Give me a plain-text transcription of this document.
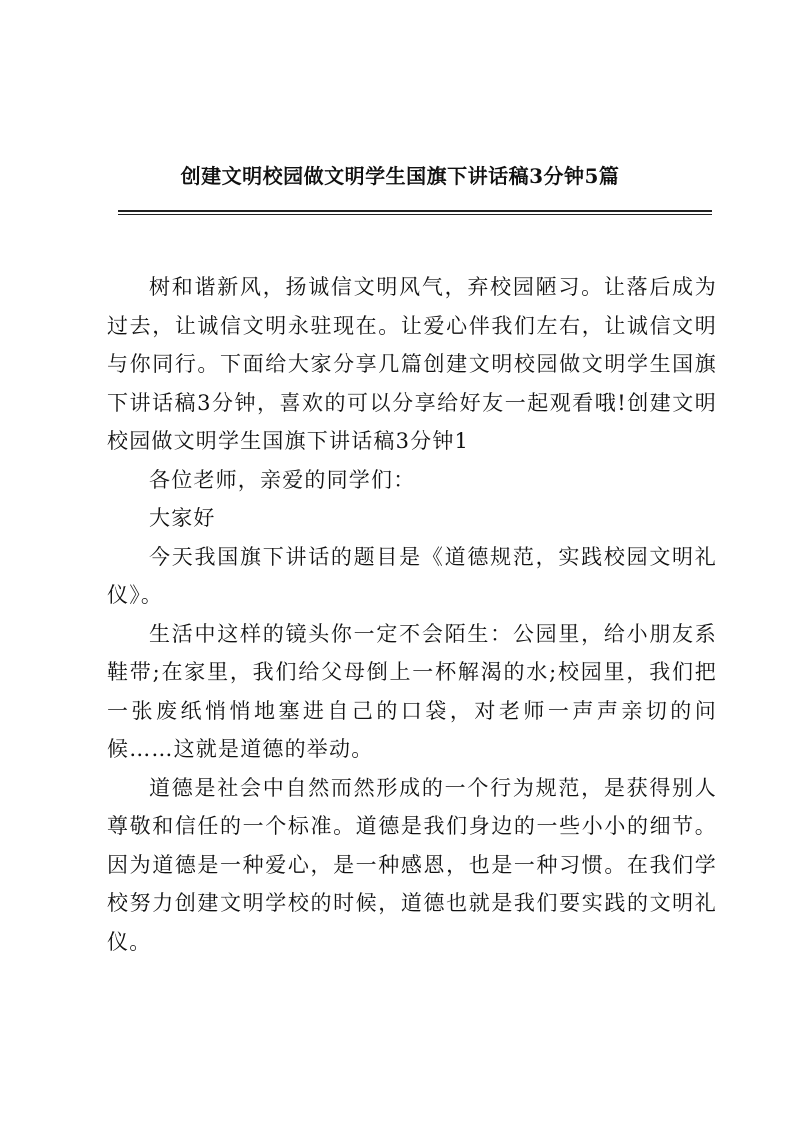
创建文明校园做文明学生国旗下讲话稿3分钟5篇

树和谐新风，扬诚信文明风气，弃校园陋习。让落后成为过去，让诚信文明永驻现在。让爱心伴我们左右，让诚信文明与你同行。下面给大家分享几篇创建文明校园做文明学生国旗下讲话稿3分钟，喜欢的可以分享给好友一起观看哦!创建文明校园做文明学生国旗下讲话稿3分钟1

各位老师，亲爱的同学们：

大家好

今天我国旗下讲话的题目是《道德规范，实践校园文明礼仪》。

生活中这样的镜头你一定不会陌生：公园里，给小朋友系鞋带;在家里，我们给父母倒上一杯解渴的水;校园里，我们把一张废纸悄悄地塞进自己的口袋，对老师一声声亲切的问候……这就是道德的举动。

道德是社会中自然而然形成的一个行为规范，是获得别人尊敬和信任的一个标准。道德是我们身边的一些小小的细节。因为道德是一种爱心，是一种感恩，也是一种习惯。在我们学校努力创建文明学校的时候，道德也就是我们要实践的文明礼仪。
